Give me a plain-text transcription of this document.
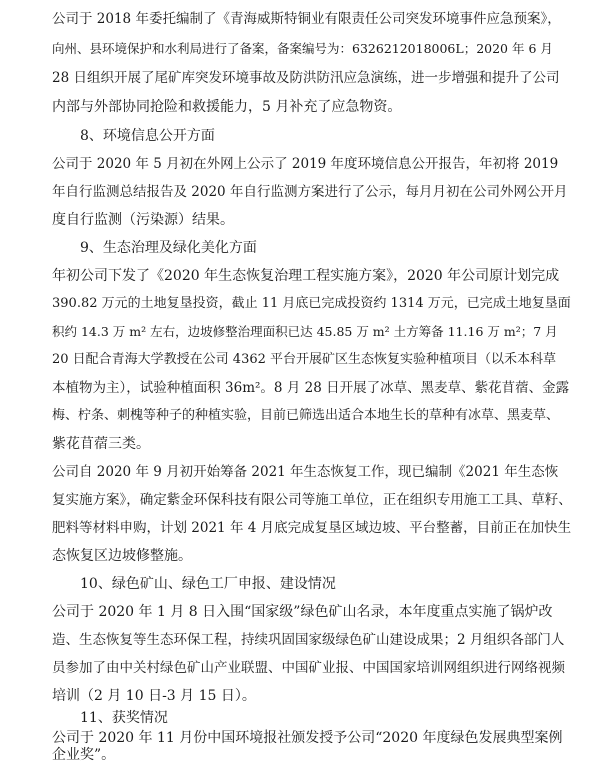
公司于 2018 年委托编制了《青海威斯特铜业有限责任公司突发环境事件应急预案》，
向州、县环境保护和水利局进行了备案，备案编号为：6326212018006L；2020 年 6 月
28 日组织开展了尾矿库突发环境事故及防洪防汛应急演练，进一步增强和提升了公司
内部与外部协同抢险和救援能力，5 月补充了应急物资。
8、环境信息公开方面
公司于 2020 年 5 月初在外网上公示了 2019 年度环境信息公开报告，年初将 2019
年自行监测总结报告及 2020 年自行监测方案进行了公示，每月月初在公司外网公开月
度自行监测（污染源）结果。
9、生态治理及绿化美化方面
年初公司下发了《2020 年生态恢复治理工程实施方案》，2020 年公司原计划完成
390.82 万元的土地复垦投资，截止 11 月底已完成投资约 1314 万元，已完成土地复垦面
积约 14.3 万 m² 左右，边坡修整治理面积已达 45.85 万 m² 土方筹备 11.16 万 m²；7 月
20 日配合青海大学教授在公司 4362 平台开展矿区生态恢复实验种植项目（以禾本科草
本植物为主），试验种植面积 36m²。8 月 28 日开展了冰草、黑麦草、紫花苜蓿、金露
梅、柠条、刺槐等种子的种植实验，目前已筛选出适合本地生长的草种有冰草、黑麦草、
紫花苜蓿三类。
公司自 2020 年 9 月初开始筹备 2021 年生态恢复工作，现已编制《2021 年生态恢
复实施方案》，确定紫金环保科技有限公司等施工单位，正在组织专用施工工具、草籽、
肥料等材料申购，计划 2021 年 4 月底完成复垦区域边坡、平台整蓄，目前正在加快生
态恢复区边坡修整施。
10、绿色矿山、绿色工厂申报、建设情况
公司于 2020 年 1 月 8 日入围“国家级”绿色矿山名录，本年度重点实施了锅炉改
造、生态恢复等生态环保工程，持续巩固国家级绿色矿山建设成果；2 月组织各部门人
员参加了由中关村绿色矿山产业联盟、中国矿业报、中国国家培训网组织进行网络视频
培训（2 月 10 日-3 月 15 日）。
11、获奖情况
公司于 2020 年 11 月份中国环境报社颁发授予公司“2020 年度绿色发展典型案例
企业奖”。
